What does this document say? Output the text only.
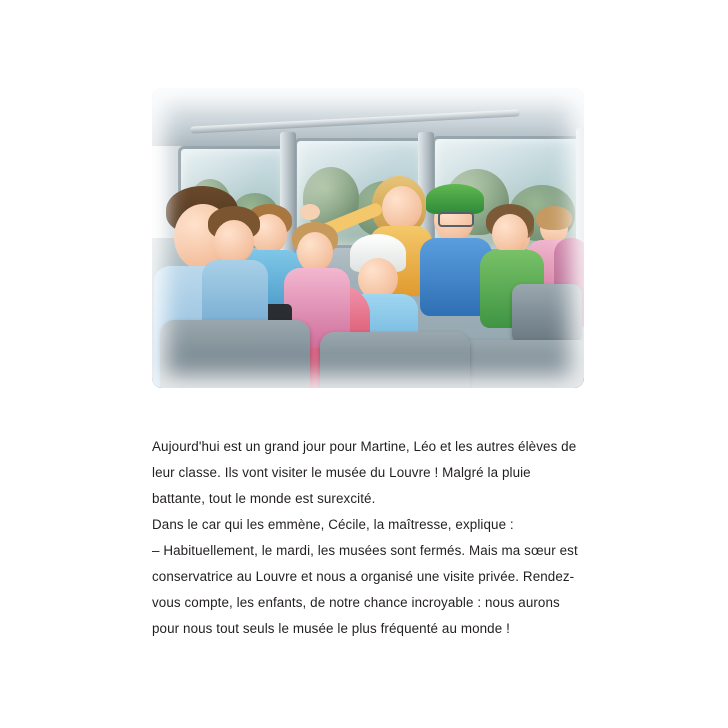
Aujourd'hui est un grand jour pour Martine, Léo et les autres élèves de leur classe. Ils vont visiter le musée du Louvre ! Malgré la pluie battante, tout le monde est surexcité.

Dans le car qui les emmène, Cécile, la maîtresse, explique :

– Habituellement, le mardi, les musées sont fermés. Mais ma sœur est conservatrice au Louvre et nous a organisé une visite privée. Rendez-vous compte, les enfants, de notre chance incroyable : nous aurons pour nous tout seuls le musée le plus fréquenté au monde !
